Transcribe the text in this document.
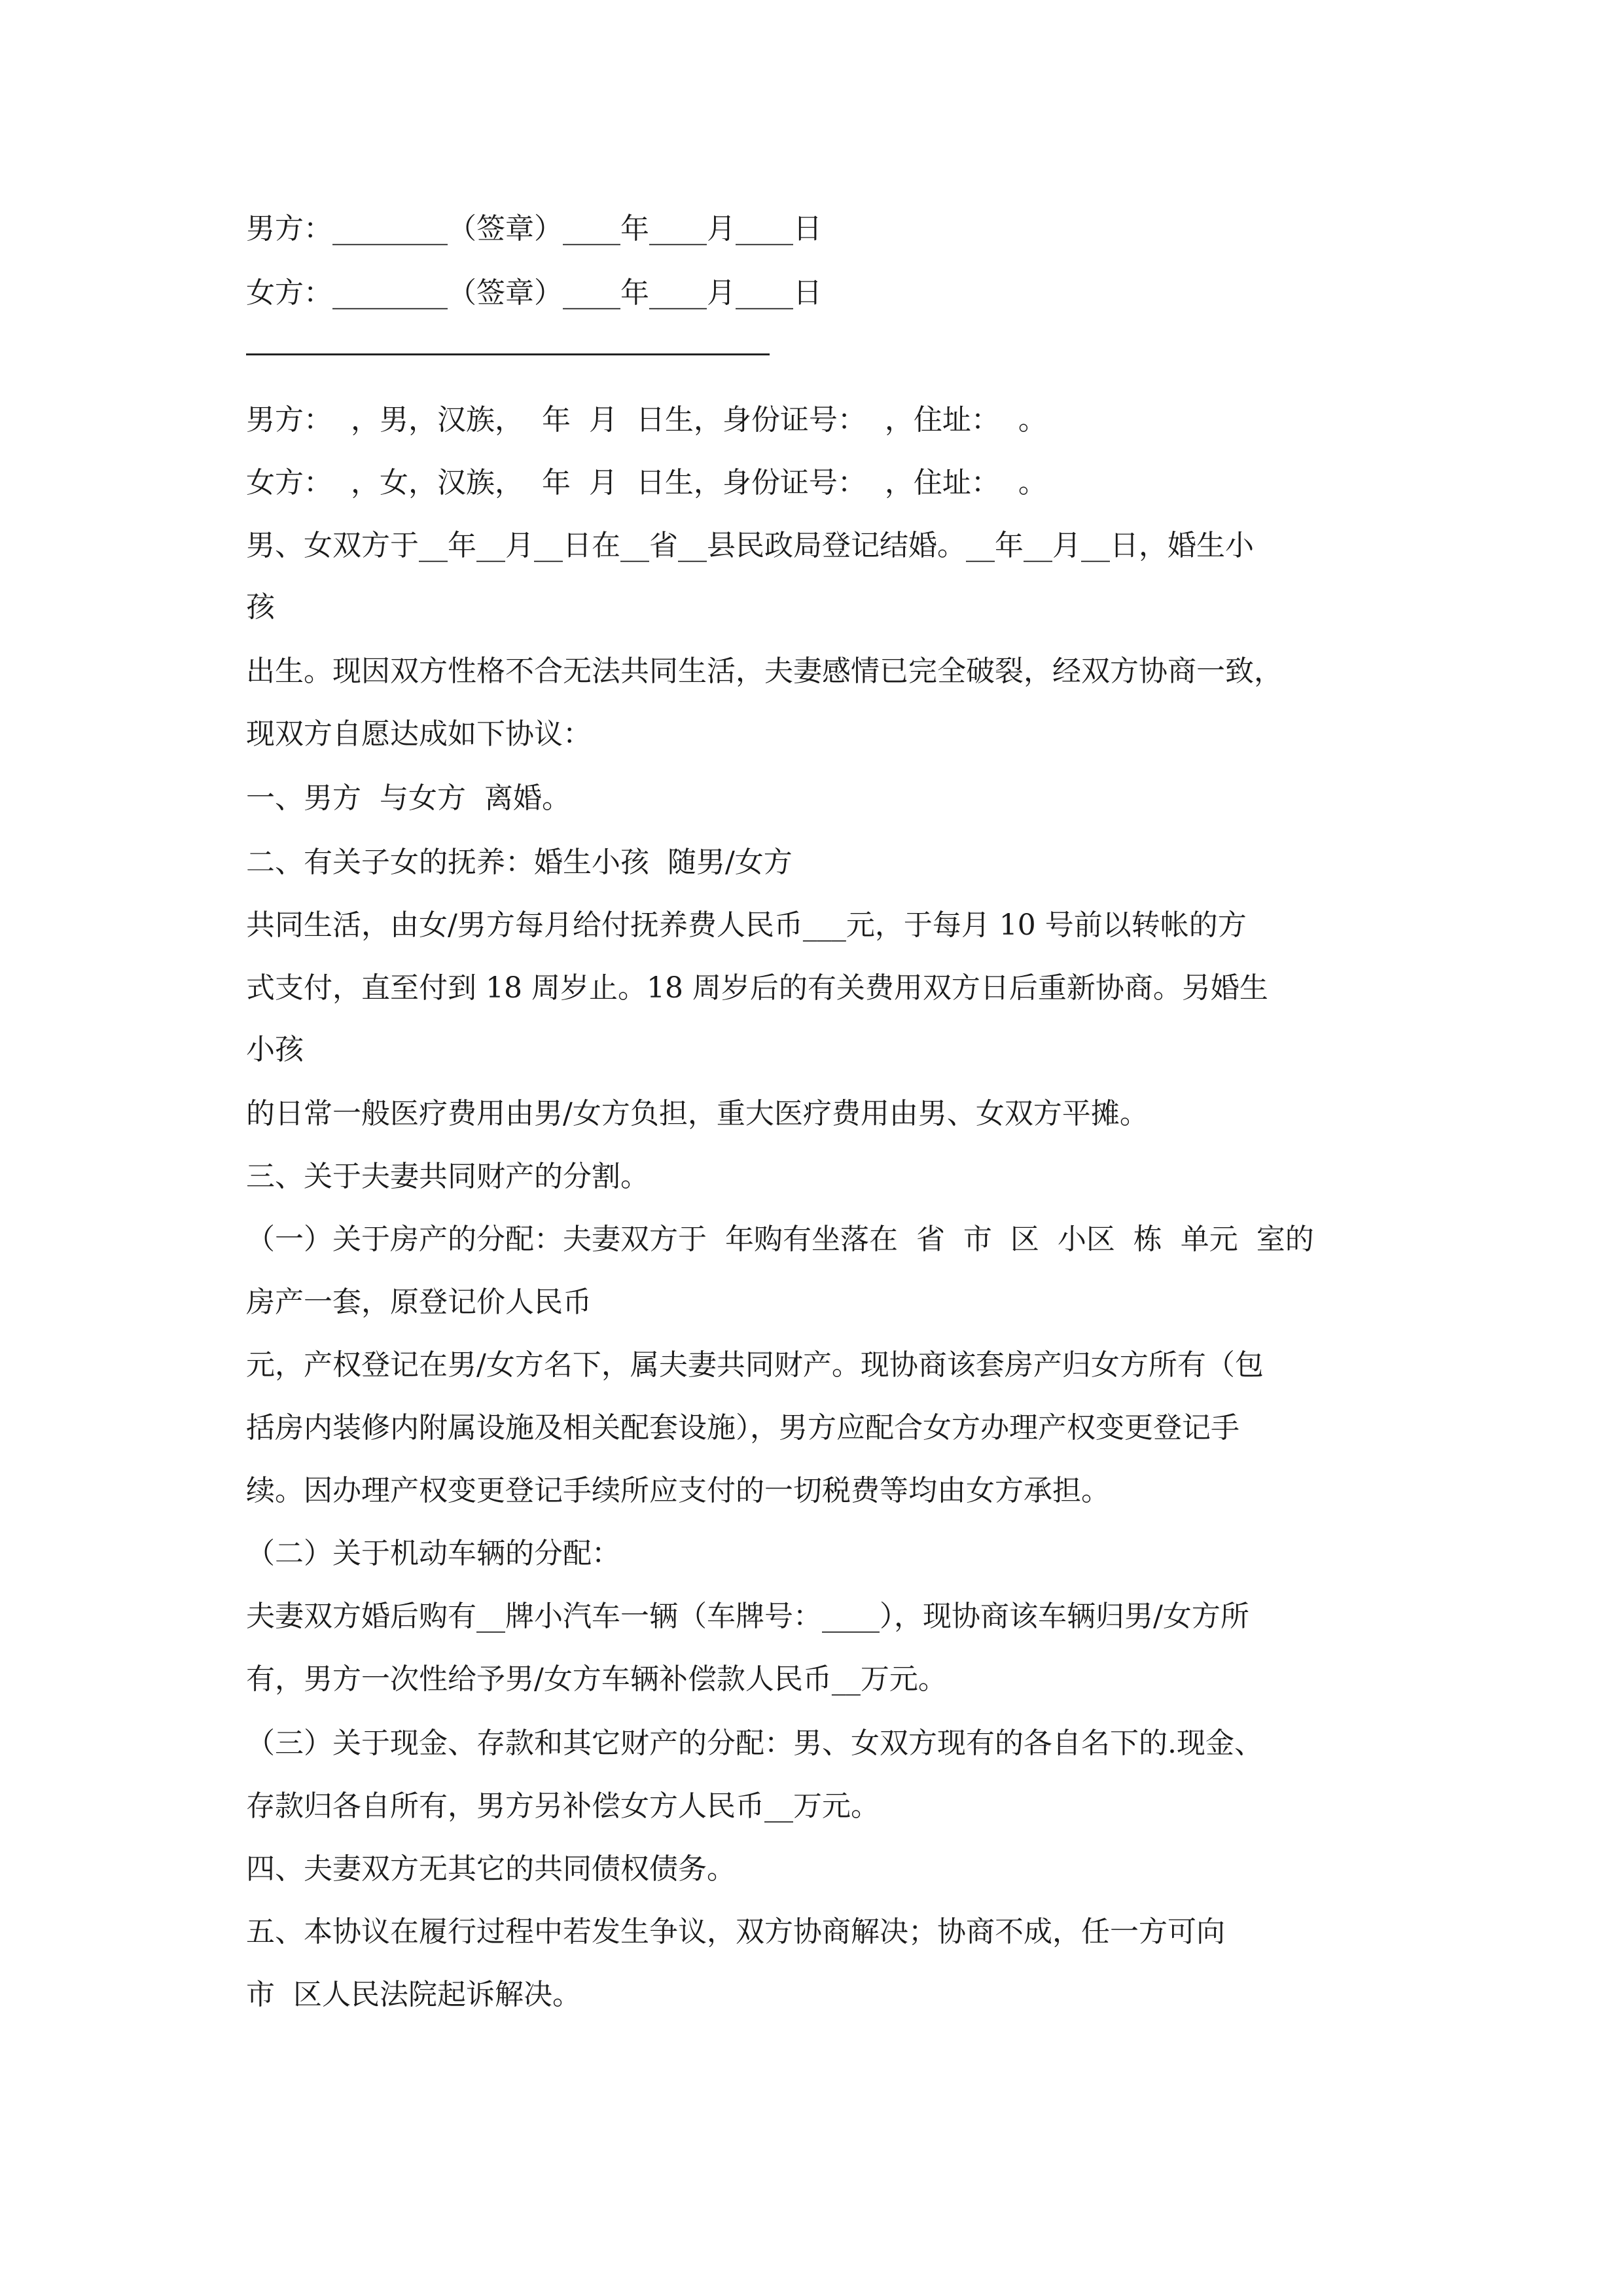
男方：________（签章）____年____月____日
女方：________（签章）____年____月____日
男方：  ，男，汉族，  年  月  日生，身份证号：  ，住址：  。
女方：  ，女，汉族，  年  月  日生，身份证号：  ，住址：  。
男、女双方于__年__月__日在__省__县民政局登记结婚。__年__月__日，婚生小
孩
出生。现因双方性格不合无法共同生活，夫妻感情已完全破裂，经双方协商一致，
现双方自愿达成如下协议：
一、男方  与女方  离婚。
二、有关子女的抚养：婚生小孩  随男/女方
共同生活，由女/男方每月给付抚养费人民币___元，于每月 10 号前以转帐的方
式支付，直至付到 18 周岁止。18 周岁后的有关费用双方日后重新协商。另婚生
小孩
的日常一般医疗费用由男/女方负担，重大医疗费用由男、女双方平摊。
三、关于夫妻共同财产的分割。
（一）关于房产的分配：夫妻双方于  年购有坐落在  省  市  区  小区  栋  单元  室的
房产一套，原登记价人民币
元，产权登记在男/女方名下，属夫妻共同财产。现协商该套房产归女方所有（包
括房内装修内附属设施及相关配套设施），男方应配合女方办理产权变更登记手
续。因办理产权变更登记手续所应支付的一切税费等均由女方承担。
（二）关于机动车辆的分配：
夫妻双方婚后购有__牌小汽车一辆（车牌号：____），现协商该车辆归男/女方所
有，男方一次性给予男/女方车辆补偿款人民币__万元。
（三）关于现金、存款和其它财产的分配：男、女双方现有的各自名下的.现金、
存款归各自所有，男方另补偿女方人民币__万元。
四、夫妻双方无其它的共同债权债务。
五、本协议在履行过程中若发生争议，双方协商解决；协商不成，任一方可向
市  区人民法院起诉解决。
